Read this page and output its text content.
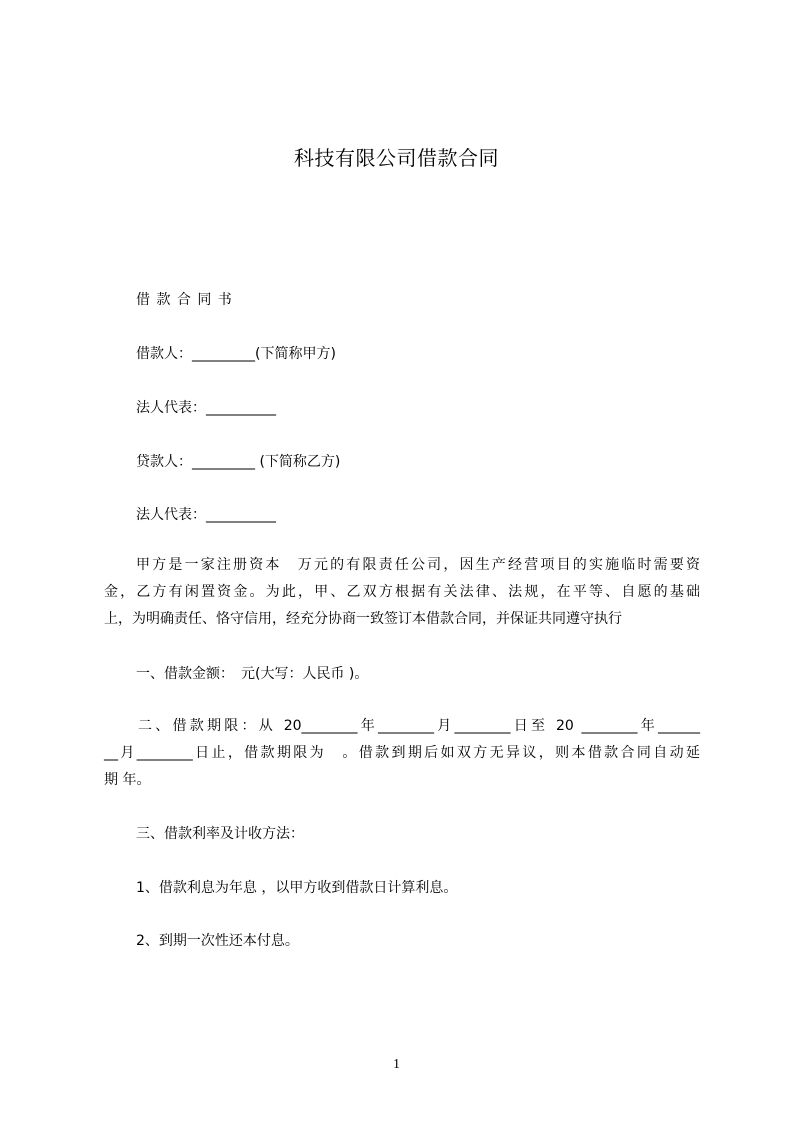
科技有限公司借款合同
借 款 合 同 书
借款人：_________(下简称甲方)
法人代表：__________
贷款人：_________ (下简称乙方)
法人代表：__________
甲方是一家注册资本　万元的有限责任公司，因生产经营项目的实施临时需要资
金，乙方有闲置资金。为此，甲、乙双方根据有关法律、法规，在平等、自愿的基础
上，为明确责任、恪守信用，经充分协商一致签订本借款合同，并保证共同遵守执行
一、借款金额：　元(大写：人民币 )。
二、借款期限：从 20________年________月________日至 20 ________年______
__月________日止，借款期限为　。借款到期后如双方无异议，则本借款合同自动延
期 年。
三、借款利率及计收方法：
1、借款利息为年息 ，以甲方收到借款日计算利息。
2、到期一次性还本付息。
1
